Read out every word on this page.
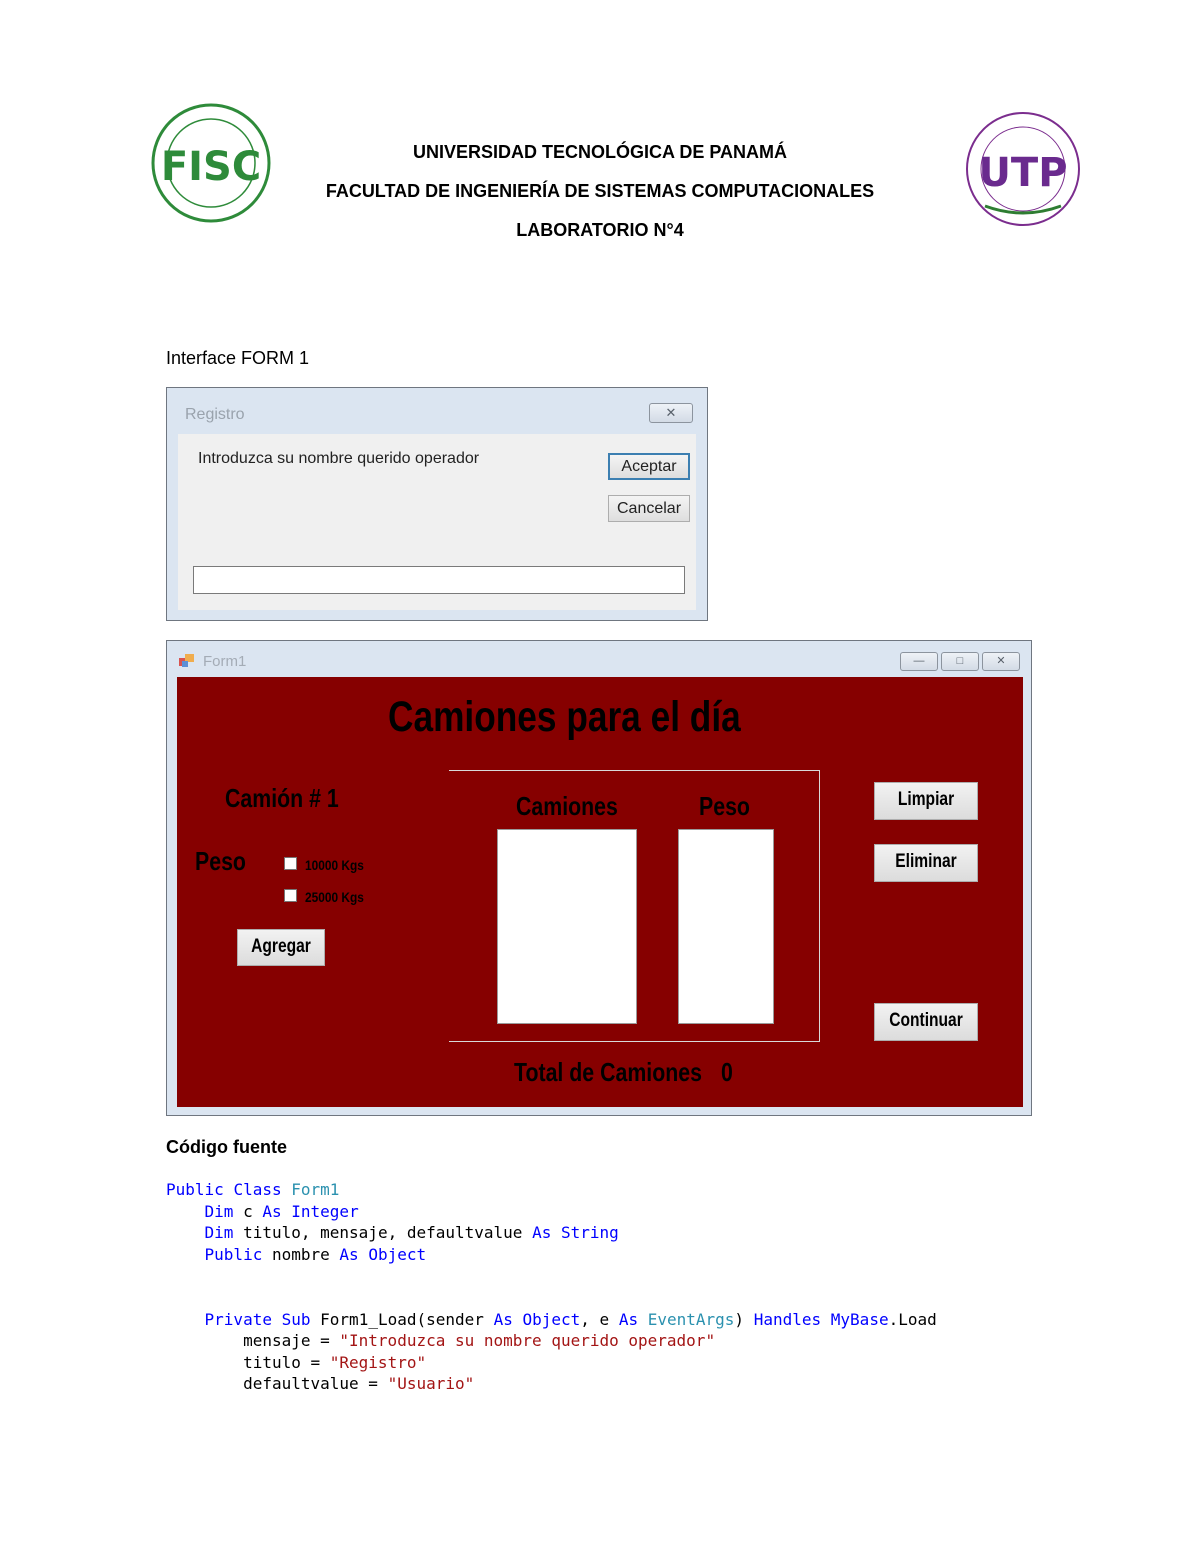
FISC	UTP
UNIVERSIDAD TECNOLÓGICA DE PANAMÁ
FACULTAD DE INGENIERÍA DE SISTEMAS COMPUTACIONALES
LABORATORIO N°4
Interface FORM 1
Registro	✕
Introduzca su nombre querido operador	Aceptar
Cancelar
Form1	—	□	✕
Camiones para el día
Camión # 1
Peso	10000 Kgs
25000 Kgs
Agregar
Camiones	Peso	Limpiar
Eliminar
Continuar
Total de Camiones 0
Código fuente
Public Class Form1
Dim c As Integer
Dim titulo, mensaje, defaultvalue As String
Public nombre As Object

Private Sub Form1_Load(sender As Object, e As EventArgs) Handles MyBase.Load
mensaje = "Introduzca su nombre querido operador"
titulo = "Registro"
defaultvalue = "Usuario"
